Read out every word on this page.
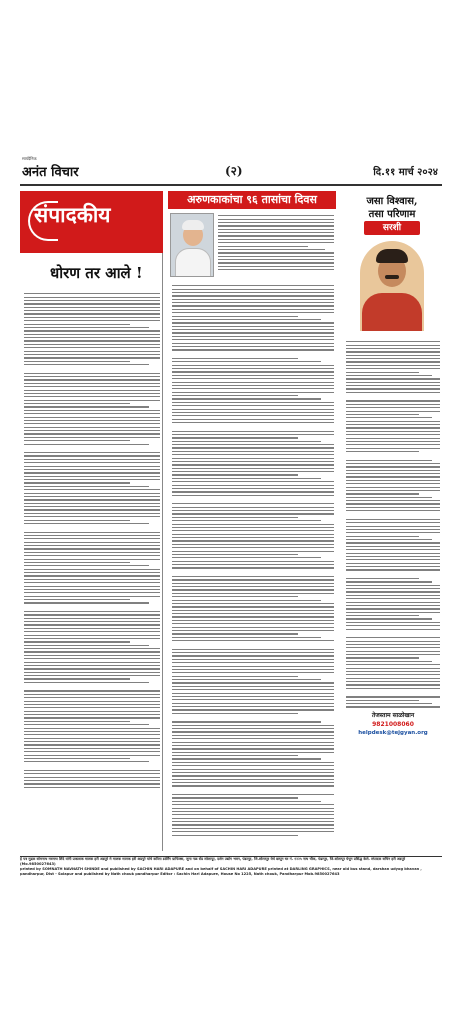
सायंदैनिक
अनंत विचार	(२)	दि.११ मार्च २०२४
संपादकीय
धोरण तर आले !
अरुणकाकांचा ९६ तासांचा दिवस	जसा विश्वास,
तसा परिणाम
सरशी
तेजस्ताम साळोखान
9821008060
helpdesk@tejgyan.org
हे पत्र मुद्रक सोमनाथ नवनाथ शिंदे यांनी प्रकाशक मालक हरी अडपुरे मे मालक मालक हरी अडपुरे यांचे करिता डार्लिंग ग्राफिक्स, जुना नळ रोड सोलापूर, दर्शन उद्योग भवन, पंढरपूर, जि.सोलापूर येथे छापून घर नं. १२२५ नाथ चौक, पंढरपूर, जि.सोलापूर येथून प्रसिद्ध केले. संपादक सचिन हरी अडपुरे (Mo.9850027643)
printed by SOMNATH NAVNATH SHINDE and published by SACHIN HARI ADAPURE and on behalf of SACHIN HARI ADAPURE printed at DARLING GRAPHICS, near old bus stand, darshan udyog bhavan , pandharpur, Dist - Solapur and published by Nath chouk pandharpur Editor : Sachin Hari Adapure, House No 1225, Nath chouk, Pandharpur Mob.9850027643
